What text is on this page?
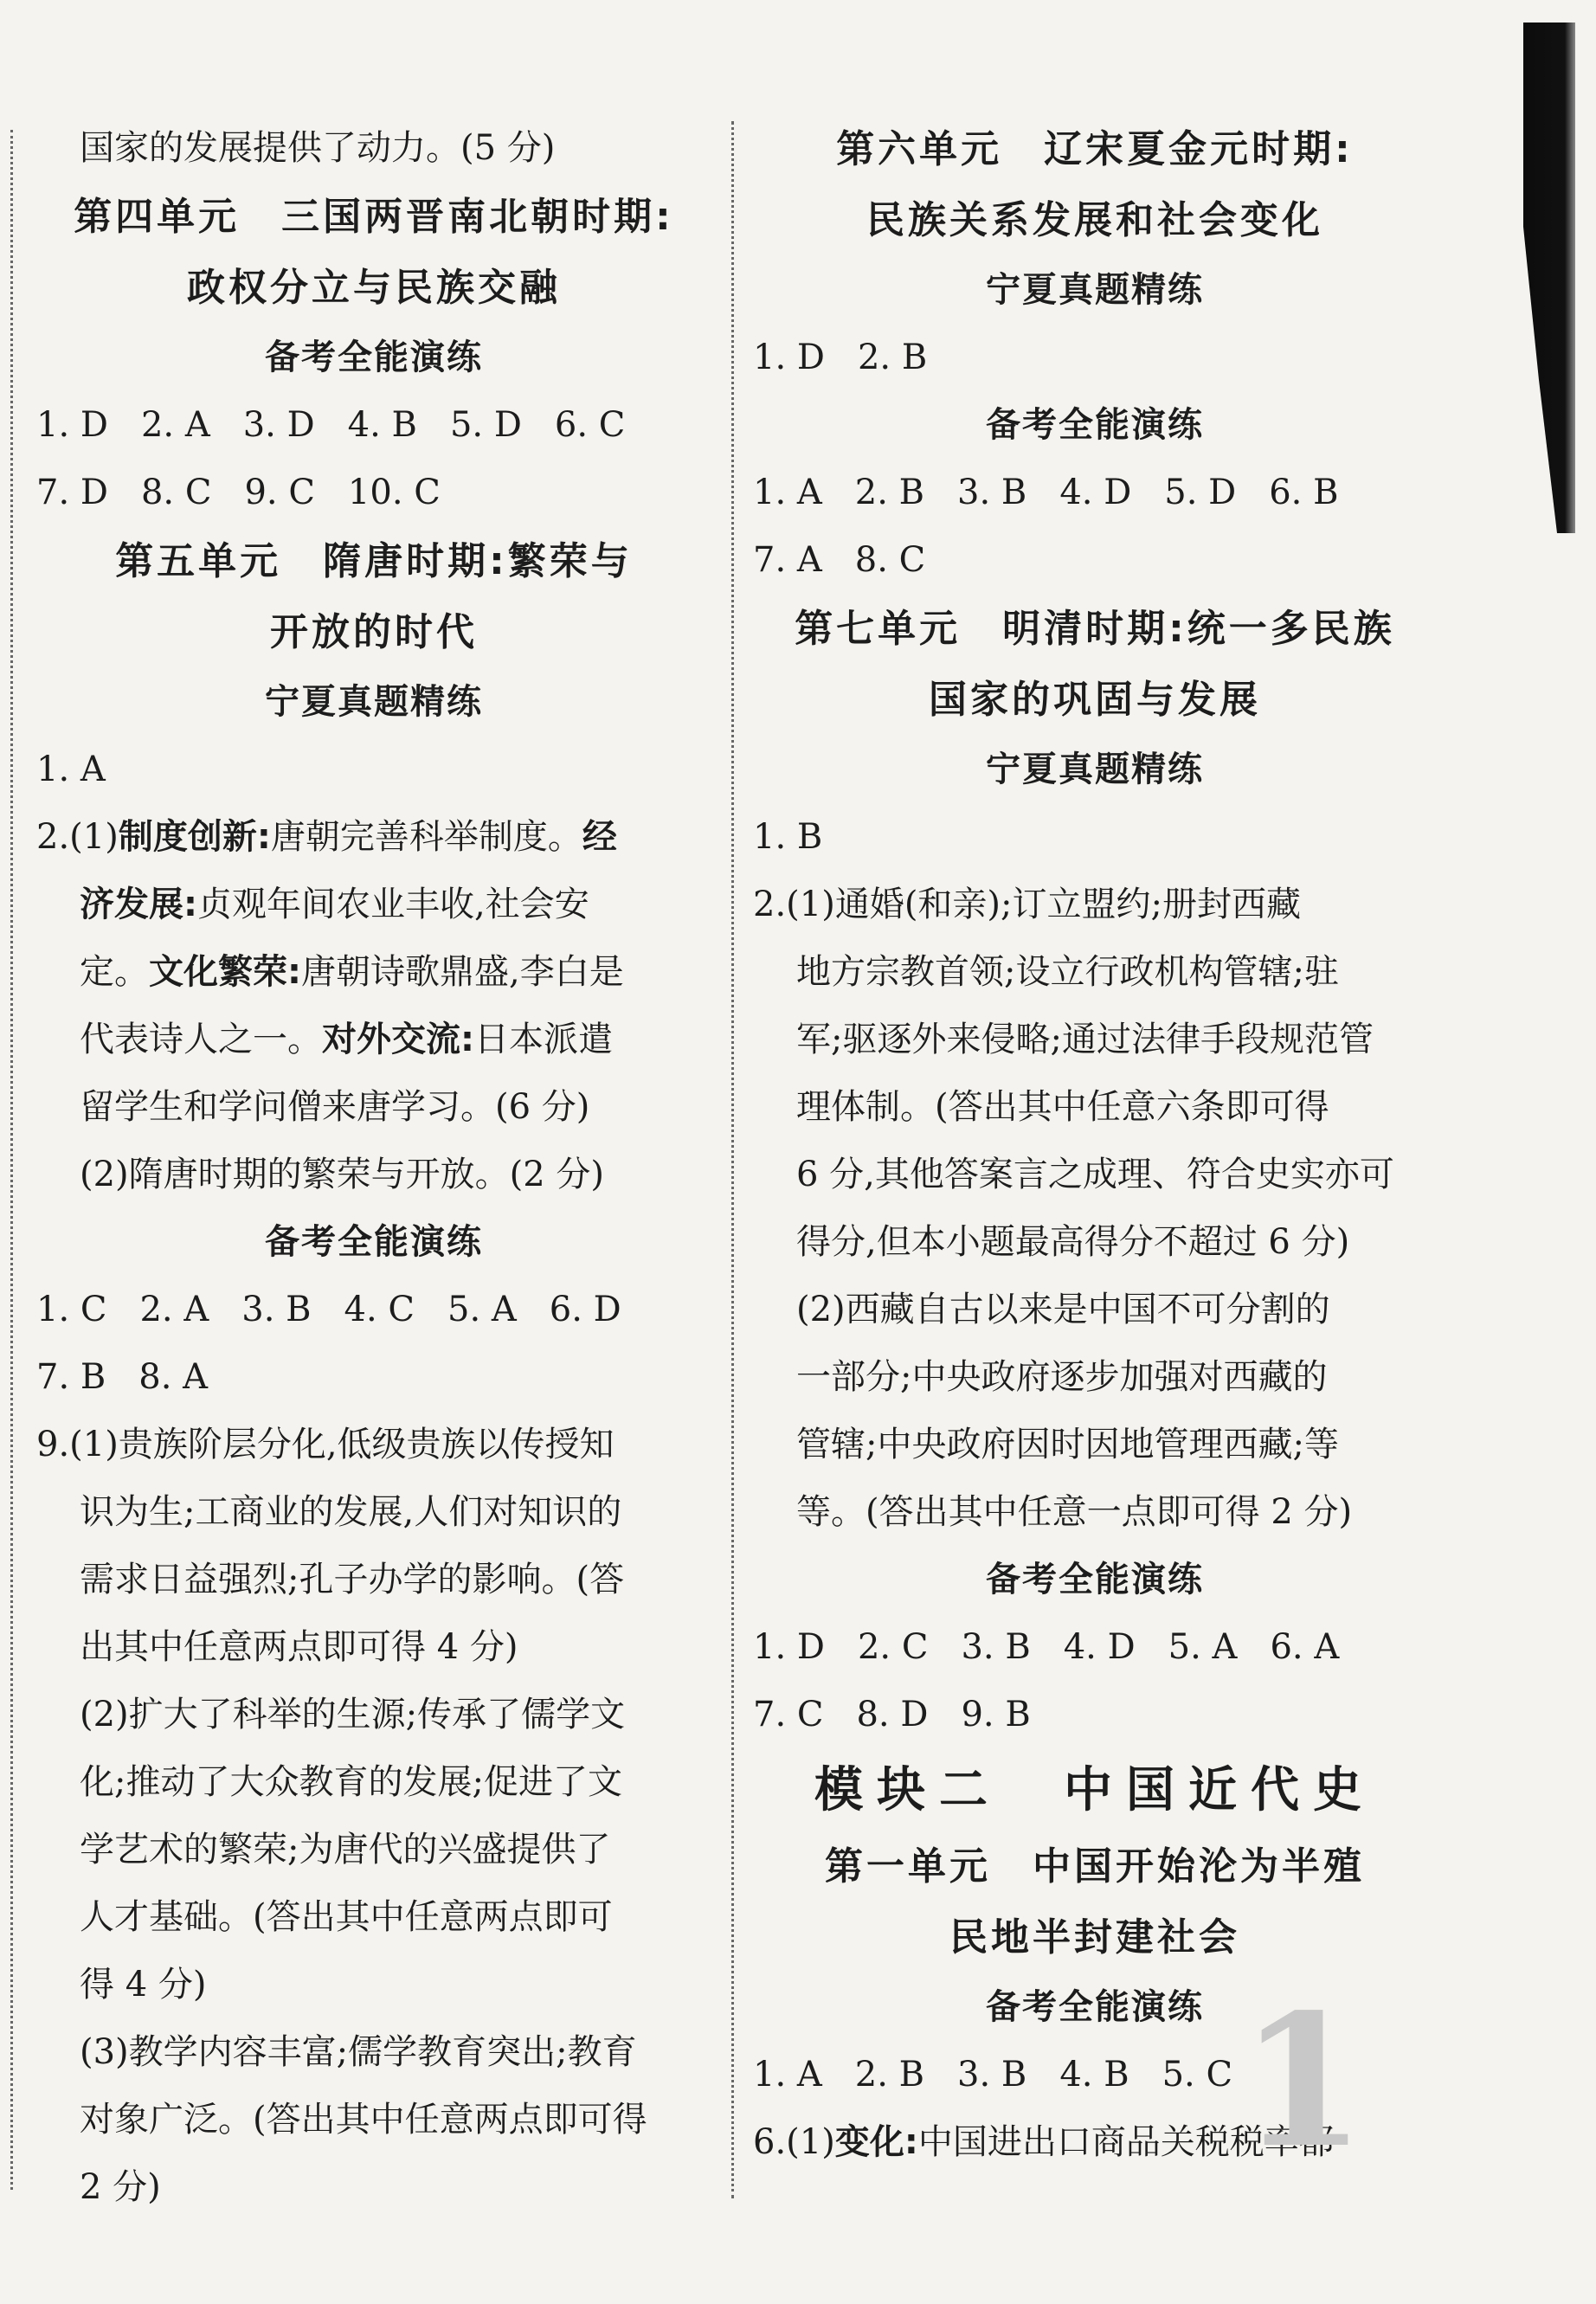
国家的发展提供了动力。(5 分)

第四单元　三国两晋南北朝时期:

政权分立与民族交融

备考全能演练

1. D 2. A 3. D 4. B 5. D 6. C

7. D 8. C 9. C 10. C

第五单元　隋唐时期:繁荣与

开放的时代

宁夏真题精练

1. A

2.(1)制度创新:唐朝完善科举制度。经

济发展:贞观年间农业丰收,社会安

定。文化繁荣:唐朝诗歌鼎盛,李白是

代表诗人之一。对外交流:日本派遣

留学生和学问僧来唐学习。(6 分)

(2)隋唐时期的繁荣与开放。(2 分)

备考全能演练

1. C 2. A 3. B 4. C 5. A 6. D

7. B 8. A

9.(1)贵族阶层分化,低级贵族以传授知

识为生;工商业的发展,人们对知识的

需求日益强烈;孔子办学的影响。(答

出其中任意两点即可得 4 分)

(2)扩大了科举的生源;传承了儒学文

化;推动了大众教育的发展;促进了文

学艺术的繁荣;为唐代的兴盛提供了

人才基础。(答出其中任意两点即可

得 4 分)

(3)教学内容丰富;儒学教育突出;教育

对象广泛。(答出其中任意两点即可得

2 分)

第六单元　辽宋夏金元时期:

民族关系发展和社会变化

宁夏真题精练

1. D 2. B

备考全能演练

1. A 2. B 3. B 4. D 5. D 6. B

7. A 8. C

第七单元　明清时期:统一多民族

国家的巩固与发展

宁夏真题精练

1. B

2.(1)通婚(和亲);订立盟约;册封西藏

地方宗教首领;设立行政机构管辖;驻

军;驱逐外来侵略;通过法律手段规范管

理体制。(答出其中任意六条即可得

6 分,其他答案言之成理、符合史实亦可

得分,但本小题最高得分不超过 6 分)

(2)西藏自古以来是中国不可分割的

一部分;中央政府逐步加强对西藏的

管辖;中央政府因时因地管理西藏;等

等。(答出其中任意一点即可得 2 分)

备考全能演练

1. D 2. C 3. B 4. D 5. A 6. A

7. C 8. D 9. B

模块二　中国近代史

第一单元　中国开始沦为半殖

民地半封建社会

备考全能演练

1. A 2. B 3. B 4. B 5. C

6.(1)变化:中国进出口商品关税税率都

1
